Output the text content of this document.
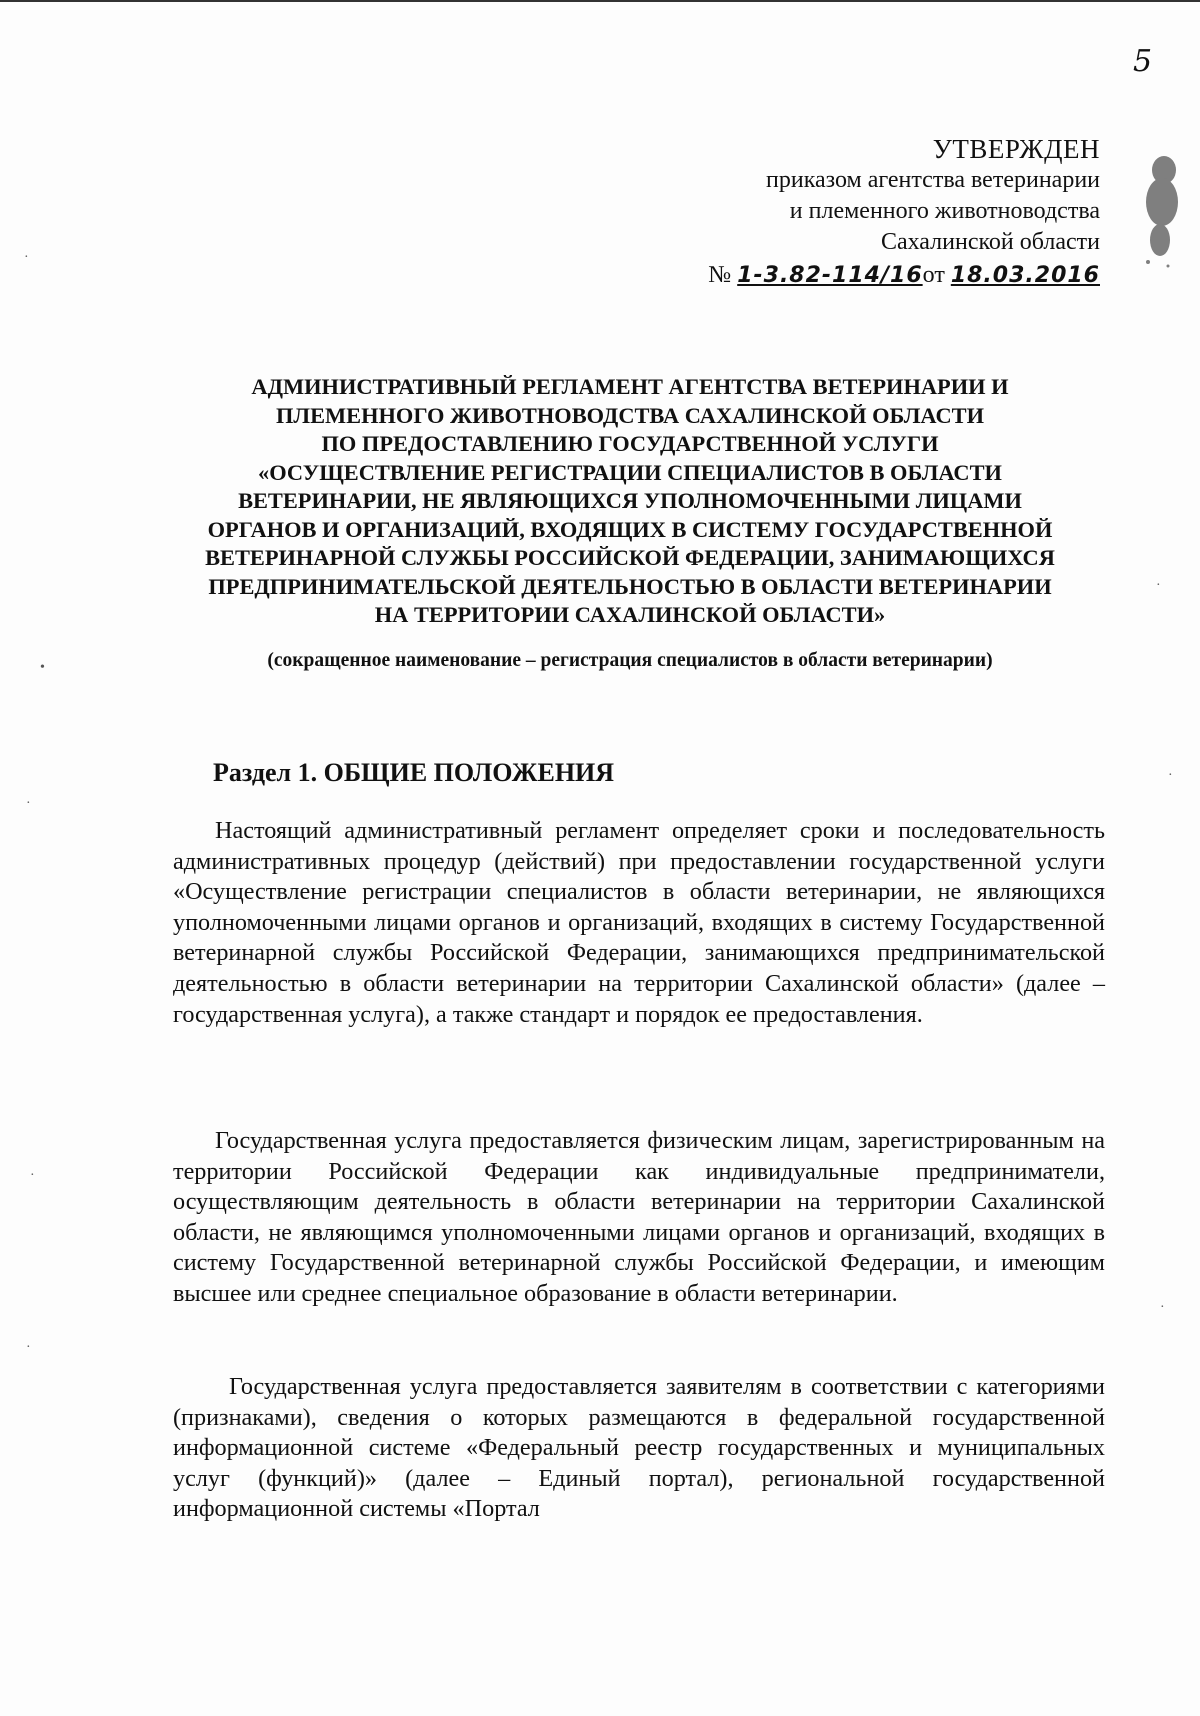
5
УТВЕРЖДЕН
приказом агентства ветеринарии
и племенного животноводства
Сахалинской области
№ 1-3.82-114/16от 18.03.2016
АДМИНИСТРАТИВНЫЙ РЕГЛАМЕНТ АГЕНТСТВА ВЕТЕРИНАРИИ И
ПЛЕМЕННОГО ЖИВОТНОВОДСТВА САХАЛИНСКОЙ ОБЛАСТИ
ПО ПРЕДОСТАВЛЕНИЮ ГОСУДАРСТВЕННОЙ УСЛУГИ
«ОСУЩЕСТВЛЕНИЕ РЕГИСТРАЦИИ СПЕЦИАЛИСТОВ В ОБЛАСТИ
ВЕТЕРИНАРИИ, НЕ ЯВЛЯЮЩИХСЯ УПОЛНОМОЧЕННЫМИ ЛИЦАМИ
ОРГАНОВ И ОРГАНИЗАЦИЙ, ВХОДЯЩИХ В СИСТЕМУ ГОСУДАРСТВЕННОЙ
ВЕТЕРИНАРНОЙ СЛУЖБЫ РОССИЙСКОЙ ФЕДЕРАЦИИ, ЗАНИМАЮЩИХСЯ
ПРЕДПРИНИМАТЕЛЬСКОЙ ДЕЯТЕЛЬНОСТЬЮ В ОБЛАСТИ ВЕТЕРИНАРИИ
НА ТЕРРИТОРИИ САХАЛИНСКОЙ ОБЛАСТИ»
(сокращенное наименование – регистрация специалистов в области ветеринарии)
Раздел 1. ОБЩИЕ ПОЛОЖЕНИЯ
Настоящий административный регламент определяет сроки и последовательность административных процедур (действий) при предоставлении государственной услуги «Осуществление регистрации специалистов в области ветеринарии, не являющихся уполномоченными лицами органов и организаций, входящих в систему Государственной ветеринарной службы Российской Федерации, занимающихся предпринимательской деятельностью в области ветеринарии на территории Сахалинской области» (далее – государственная услуга), а также стандарт и порядок ее предоставления.
Государственная услуга предоставляется физическим лицам, зарегистрированным на территории Российской Федерации как индивидуальные предприниматели, осуществляющим деятельность в области ветеринарии на территории Сахалинской области, не являющимся уполномоченными лицами органов и организаций, входящих в систему Государственной ветеринарной службы Российской Федерации, и имеющим высшее или среднее специальное образование в области ветеринарии.
Государственная услуга предоставляется заявителям в соответствии с категориями (признаками), сведения о которых размещаются в федеральной государственной информационной системе «Федеральный реестр государственных и муниципальных услуг (функций)» (далее – Единый портал), региональной государственной информационной системы «Портал
·
•
·
·
·
·
·
·
